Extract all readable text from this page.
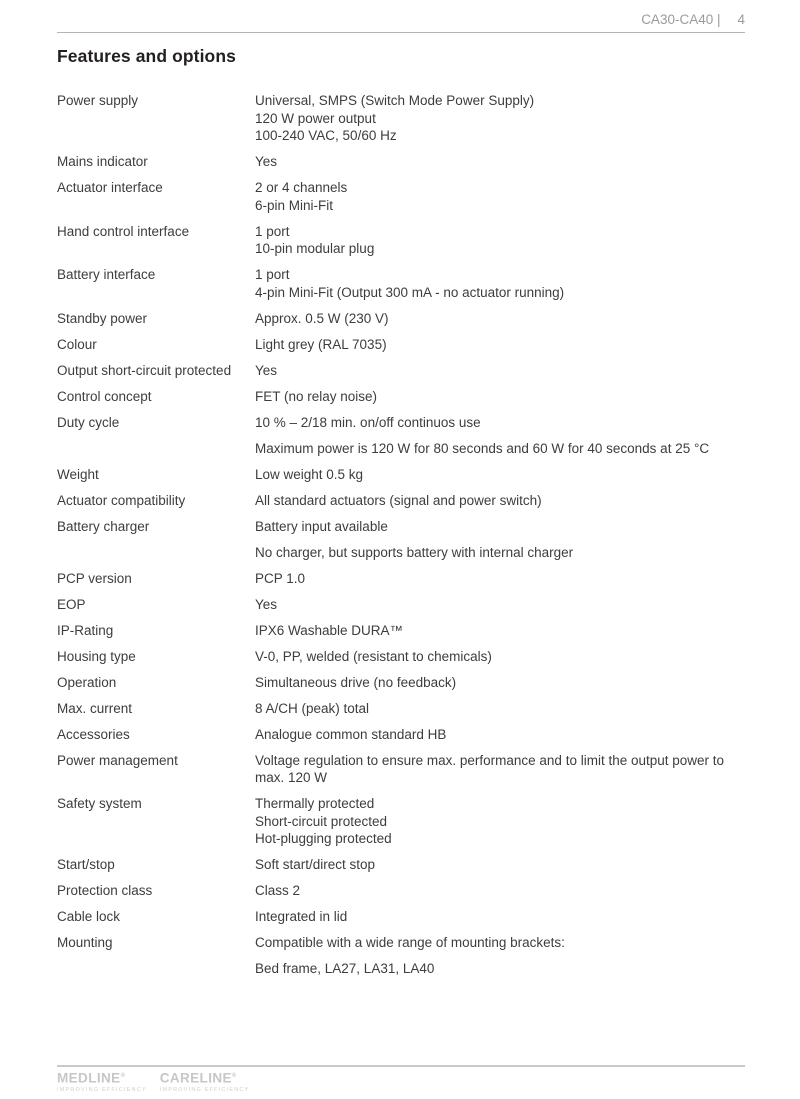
CA30-CA40 | 4
Features and options
Power supply	Universal, SMPS (Switch Mode Power Supply)
120 W power output
100-240 VAC, 50/60 Hz
Mains indicator	Yes
Actuator interface	2 or 4 channels
6-pin Mini-Fit
Hand control interface	1 port
10-pin modular plug
Battery interface	1 port
4-pin Mini-Fit (Output 300 mA - no actuator running)
Standby power	Approx. 0.5 W (230 V)
Colour	Light grey (RAL 7035)
Output short-circuit protected	Yes
Control concept	FET (no relay noise)
Duty cycle	10 % – 2/18 min. on/off continuos use
Maximum power is 120 W for 80 seconds and 60 W for 40 seconds at 25 °C
Weight	Low weight 0.5 kg
Actuator compatibility	All standard actuators (signal and power switch)
Battery charger	Battery input available
No charger, but supports battery with internal charger
PCP version	PCP 1.0
EOP	Yes
IP-Rating	IPX6 Washable DURA™
Housing type	V-0, PP, welded (resistant to chemicals)
Operation	Simultaneous drive (no feedback)
Max. current	8 A/CH (peak) total
Accessories	Analogue common standard HB
Power management	Voltage regulation to ensure max. performance and to limit the output power to max. 120 W
Safety system	Thermally protected
Short-circuit protected
Hot-plugging protected
Start/stop	Soft start/direct stop
Protection class	Class 2
Cable lock	Integrated in lid
Mounting	Compatible with a wide range of mounting brackets:
Bed frame, LA27, LA31, LA40
MEDLINE®
IMPROVING EFFICIENCY
CARELINE®
IMPROVING EFFICIENCY
